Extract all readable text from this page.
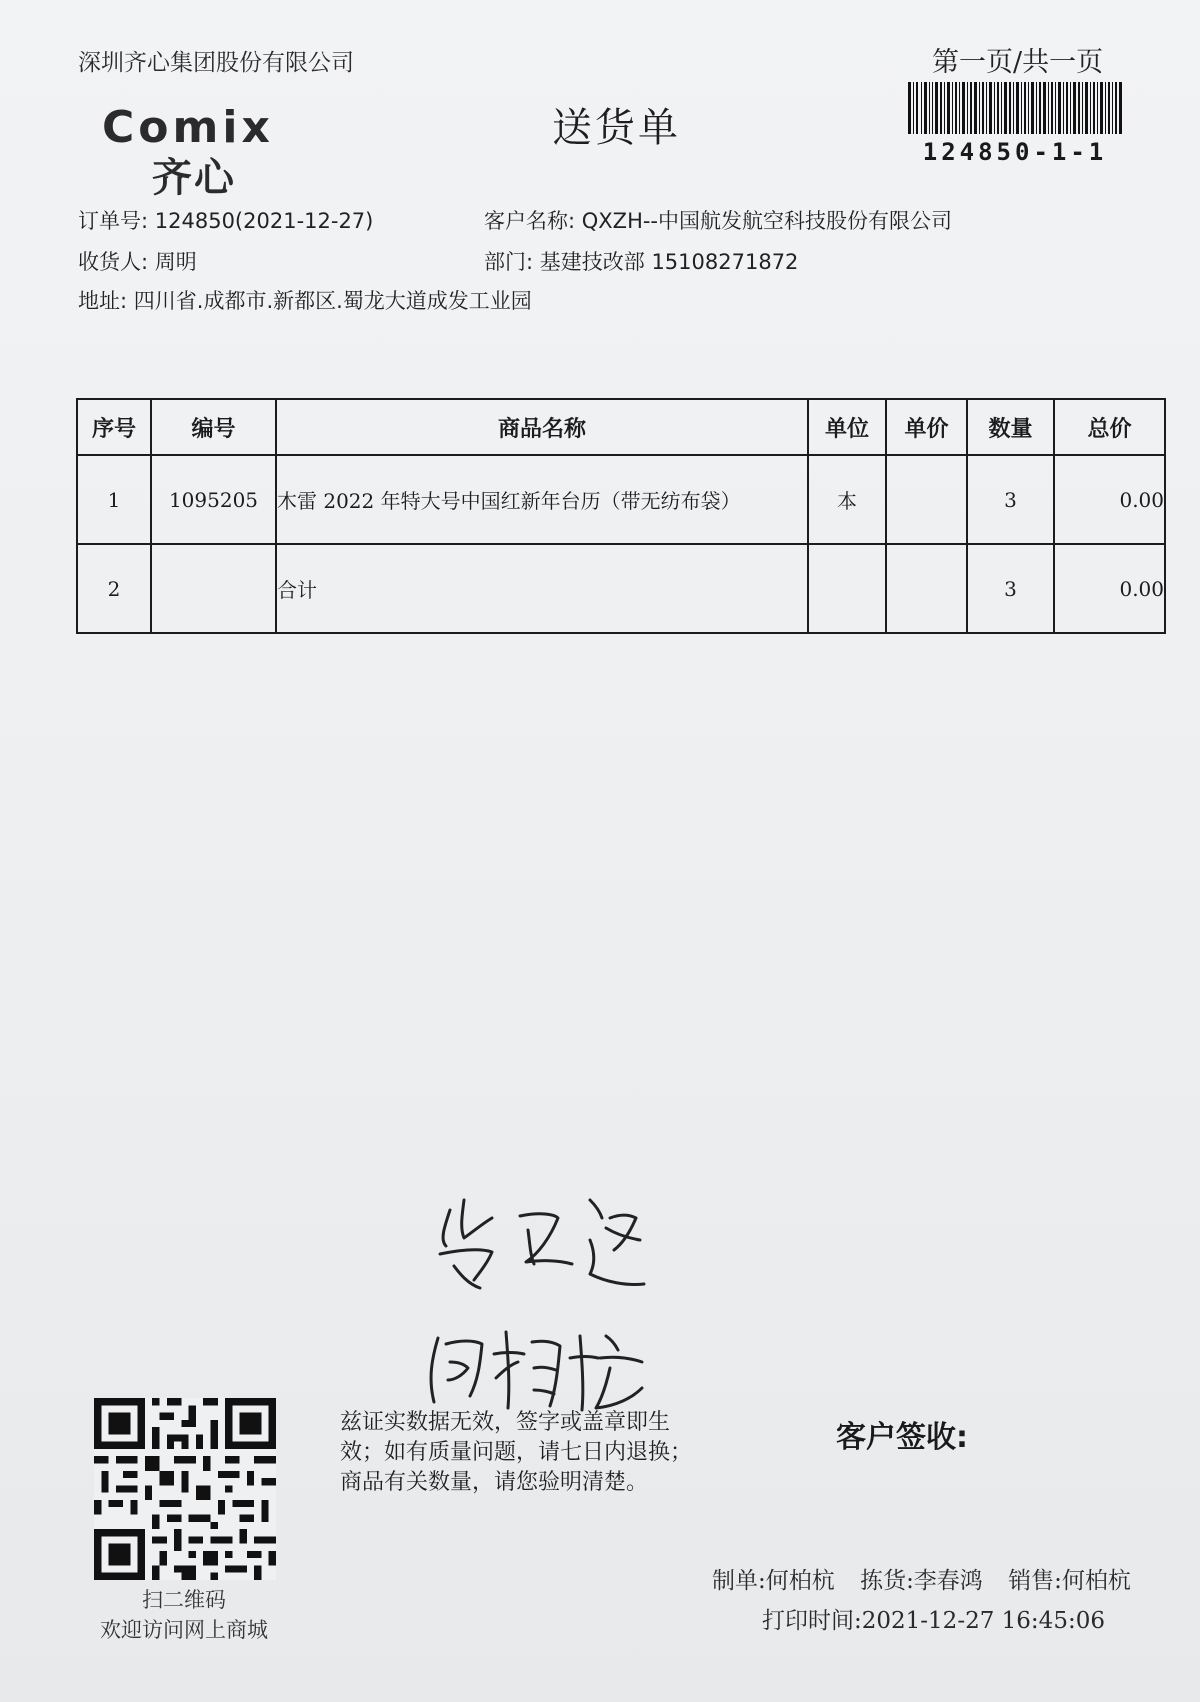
深圳齐心集团股份有限公司	第一页/共一页
124850-1-1
Comix
齐心
送货单
订单号: 124850(2021-12-27)	客户名称: QXZH--中国航发航空科技股份有限公司
收货人: 周明	部门: 基建技改部 15108271872
地址: 四川省.成都市.新都区.蜀龙大道成发工业园
序号	编号	商品名称	单位	单价	数量	总价
1	1095205	木雷 2022 年特大号中国红新年台历（带无纺布袋）	本		3	0.00
2		合计			3	0.00
扫二维码
欢迎访问网上商城
兹证实数据无效，签字或盖章即生
效；如有质量问题，请七日内退换；
商品有关数量，请您验明清楚。
客户签收:
制单:何柏杭 拣货:李春鸿 销售:何柏杭
打印时间:2021-12-27 16:45:06
